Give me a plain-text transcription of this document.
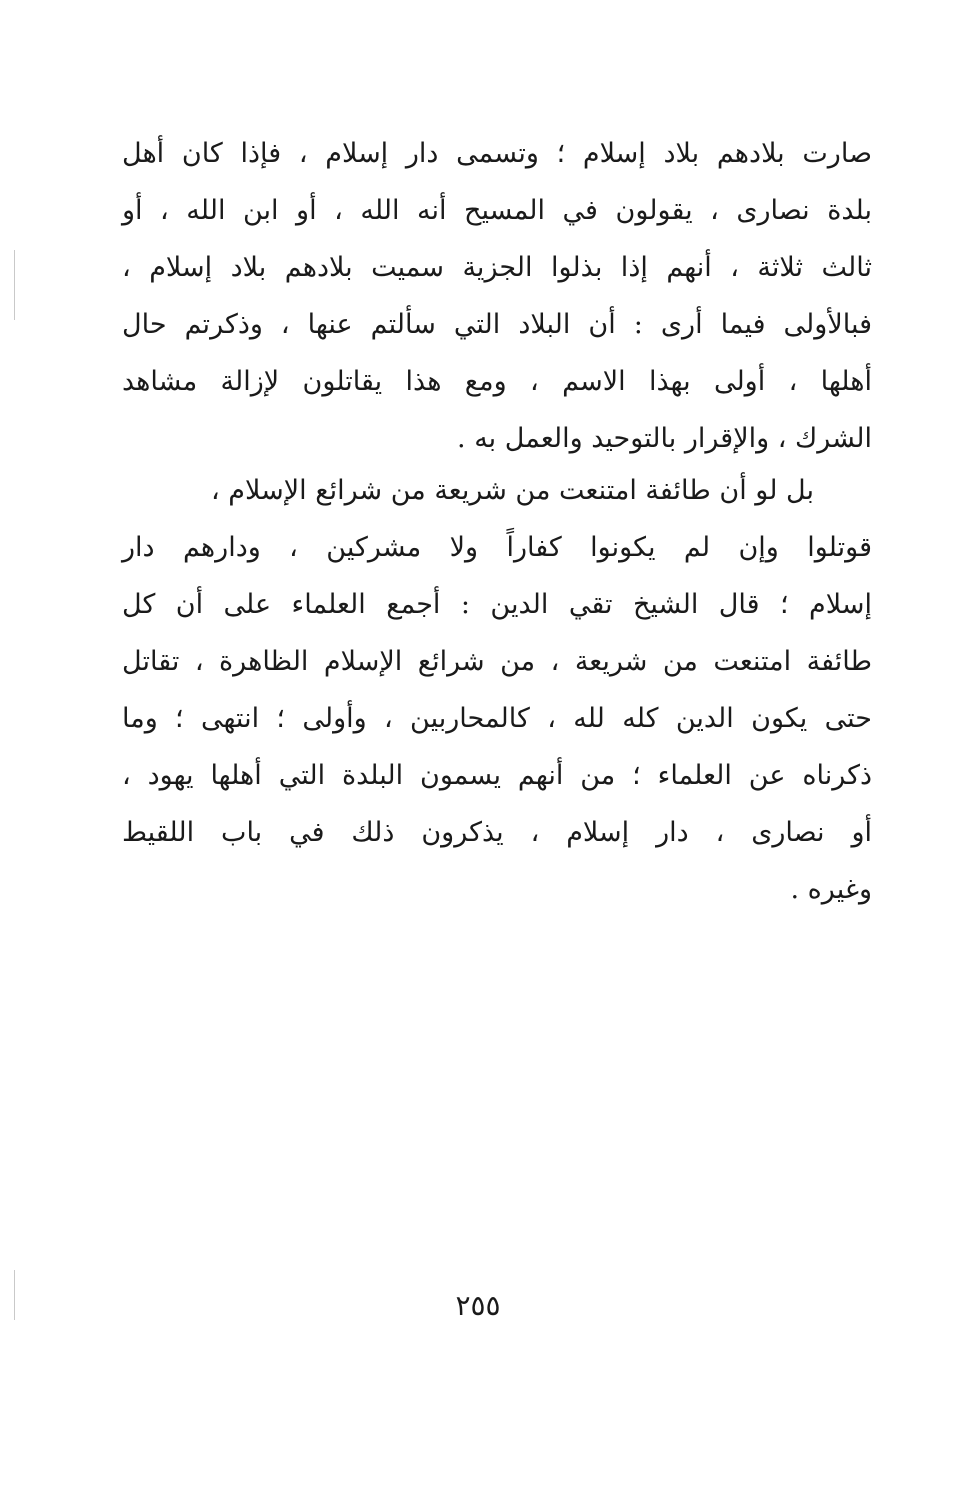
صارت بلادهم بلاد إسلام ؛ وتسمى دار إسلام ، فإذا كان أهل
بلدة نصارى ، يقولون في المسيح أنه الله ، أو ابن الله ، أو
ثالث ثلاثة ، أنهم إذا بذلوا الجزية سميت بلادهم بلاد إسلام ،
فبالأولى فيما أرى : أن البلاد التي سألتم عنها ، وذكرتم حال
أهلها ، أولى بهذا الاسم ، ومع هذا يقاتلون لإزالة مشاهد
الشرك ، والإقرار بالتوحيد والعمل به .
بل لو أن طائفة امتنعت من شريعة من شرائع الإسلام ،
قوتلوا وإن لم يكونوا كفاراً ولا مشركين ، ودارهم دار
إسلام ؛ قال الشيخ تقي الدين : أجمع العلماء على أن كل
طائفة امتنعت من شريعة ، من شرائع الإسلام الظاهرة ، تقاتل
حتى يكون الدين كله لله ، كالمحاربين ، وأولى ؛ انتهى ؛ وما
ذكرناه عن العلماء ؛ من أنهم يسمون البلدة التي أهلها يهود ،
أو نصارى ، دار إسلام ، يذكرون ذلك في باب اللقيط
وغيره .
٢٥٥
